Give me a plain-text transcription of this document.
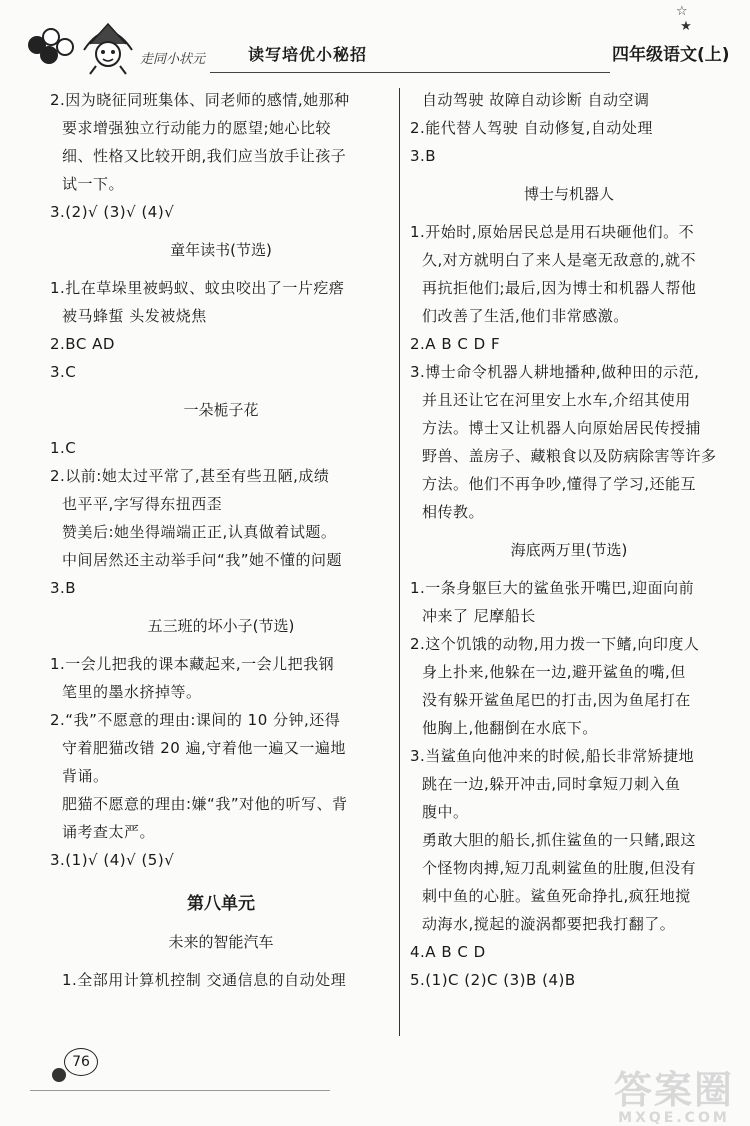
走同小状元	读写培优小秘招	四年级语文(上)
☆
★
2.因为晓征同班集体、同老师的感情,她那种
要求增强独立行动能力的愿望;她心比较
细、性格又比较开朗,我们应当放手让孩子
试一下。
3.(2)√ (3)√ (4)√
童年读书(节选)
1.扎在草垛里被蚂蚁、蚊虫咬出了一片疙瘩
被马蜂蜇 头发被烧焦
2.BC AD
3.C
一朵栀子花
1.C
2.以前:她太过平常了,甚至有些丑陋,成绩
也平平,字写得东扭西歪
赞美后:她坐得端端正正,认真做着试题。
中间居然还主动举手问“我”她不懂的问题
3.B
五三班的坏小子(节选)
1.一会儿把我的课本藏起来,一会儿把我钢
笔里的墨水挤掉等。
2.“我”不愿意的理由:课间的 10 分钟,还得
守着肥猫改错 20 遍,守着他一遍又一遍地
背诵。
肥猫不愿意的理由:嫌“我”对他的听写、背
诵考查太严。
3.(1)√ (4)√ (5)√
第八单元
未来的智能汽车
1.全部用计算机控制 交通信息的自动处理
自动驾驶 故障自动诊断 自动空调
2.能代替人驾驶 自动修复,自动处理
3.B
博士与机器人
1.开始时,原始居民总是用石块砸他们。不
久,对方就明白了来人是毫无敌意的,就不
再抗拒他们;最后,因为博士和机器人帮他
们改善了生活,他们非常感激。
2.A B C D F
3.博士命令机器人耕地播种,做种田的示范,
并且还让它在河里安上水车,介绍其使用
方法。博士又让机器人向原始居民传授捕
野兽、盖房子、藏粮食以及防病除害等许多
方法。他们不再争吵,懂得了学习,还能互
相传教。
海底两万里(节选)
1.一条身躯巨大的鲨鱼张开嘴巴,迎面向前
冲来了 尼摩船长
2.这个饥饿的动物,用力拨一下鳍,向印度人
身上扑来,他躲在一边,避开鲨鱼的嘴,但
没有躲开鲨鱼尾巴的打击,因为鱼尾打在
他胸上,他翻倒在水底下。
3.当鲨鱼向他冲来的时候,船长非常矫捷地
跳在一边,躲开冲击,同时拿短刀刺入鱼
腹中。
勇敢大胆的船长,抓住鲨鱼的一只鳍,跟这
个怪物肉搏,短刀乱刺鲨鱼的肚腹,但没有
刺中鱼的心脏。鲨鱼死命挣扎,疯狂地搅
动海水,搅起的漩涡都要把我打翻了。
4.A B C D
5.(1)C (2)C (3)B (4)B
76
答案圈
MXQE.COM
